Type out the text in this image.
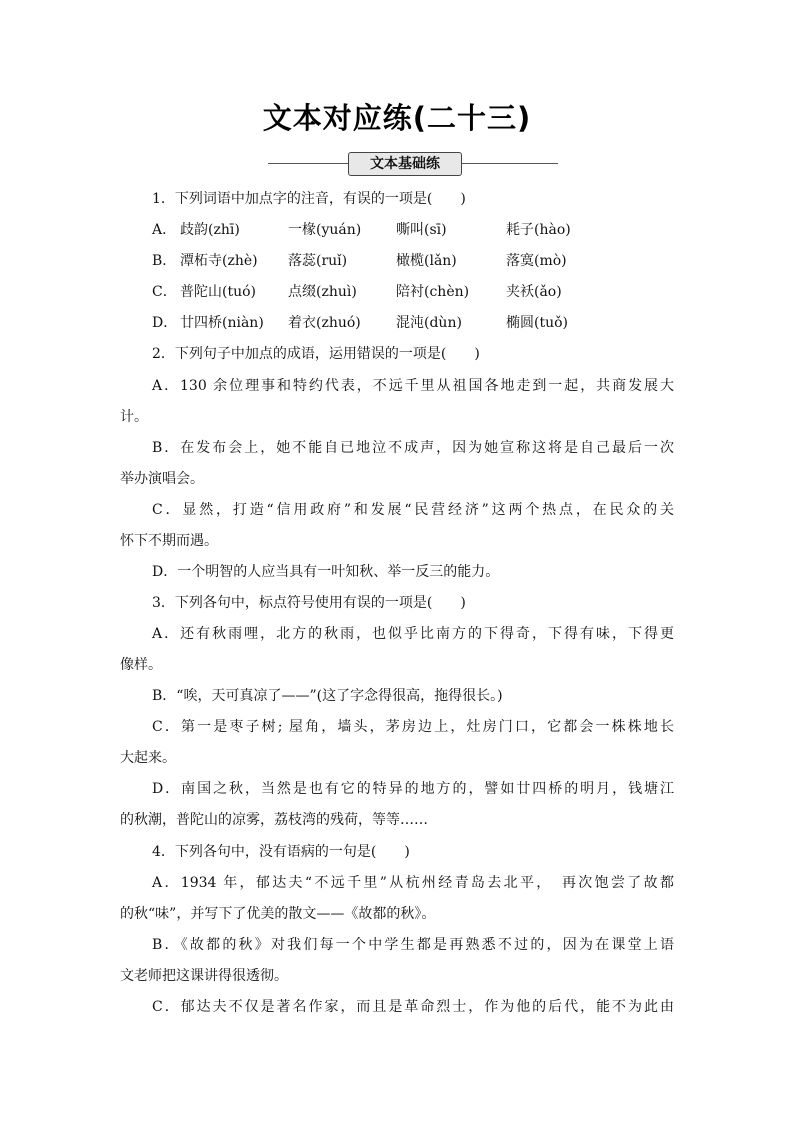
文本对应练(二十三)
文本基础练
1．下列词语中加点字的注音，有误的一项是(　　)
A． 歧韵(zhī)	一椽(yuán) 嘶叫(sī)	耗子(hào)
B． 潭柘寺(zhè) 落蕊(ruǐ)	橄榄(lǎn)	落寞(mò)
C． 普陀山(tuó) 点缀(zhuì)	陪衬(chèn)	夹袄(ǎo)
D． 廿四桥(niàn) 着衣(zhuó)	混沌(dùn)	椭圆(tuǒ)
2．下列句子中加点的成语，运用错误的一项是(　　)
A．130 余位理事和特约代表，不远千里从祖国各地走到一起，共商发展大
计。
B．在发布会上，她不能自已地泣不成声，因为她宣称这将是自己最后一次
举办演唱会。
C．显然，打造“信用政府”和发展“民营经济”这两个热点，在民众的关
怀下不期而遇。
D．一个明智的人应当具有一叶知秋、举一反三的能力。
3．下列各句中，标点符号使用有误的一项是(　　)
A．还有秋雨哩，北方的秋雨，也似乎比南方的下得奇，下得有味，下得更
像样。
B．“唉，天可真凉了——”(这了字念得很高，拖得很长。)
C．第一是枣子树; 屋角，墙头，茅房边上，灶房门口，它都会一株株地长
大起来。
D．南国之秋，当然是也有它的特异的地方的，譬如廿四桥的明月，钱塘江
的秋潮，普陀山的凉雾，荔枝湾的残荷，等等……
4．下列各句中，没有语病的一句是(　　)
A．1934 年，郁达夫“不远千里”从杭州经青岛去北平，　再次饱尝了故都
的秋“味”，并写下了优美的散文——《故都的秋》。
B．《故都的秋》对我们每一个中学生都是再熟悉不过的，因为在课堂上语
文老师把这课讲得很透彻。
C．郁达夫不仅是著名作家，而且是革命烈士，作为他的后代，能不为此由
